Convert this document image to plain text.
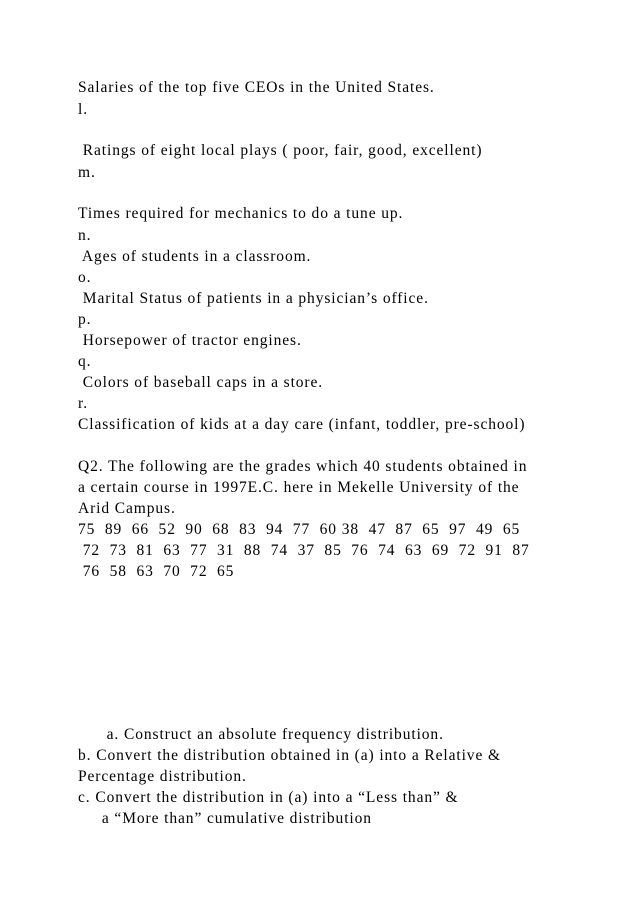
Salaries of the top five CEOs in the United States.
l.
Ratings of eight local plays ( poor, fair, good, excellent)
m.
Times required for mechanics to do a tune up.
n.
Ages of students in a classroom.
o.
Marital Status of patients in a physician’s office.
p.
Horsepower of tractor engines.
q.
Colors of baseball caps in a store.
r.
Classification of kids at a day care (infant, toddler, pre-school)
Q2. The following are the grades which 40 students obtained in
a certain course in 1997E.C. here in Mekelle University of the
Arid Campus.
75  89  66  52  90  68  83  94  77  60 38  47  87  65  97  49  65
72  73  81  63  77  31  88  74  37  85  76  74  63  69  72  91  87
76  58  63  70  72  65
a. Construct an absolute frequency distribution.
b. Convert the distribution obtained in (a) into a Relative &
Percentage distribution.
c. Convert the distribution in (a) into a “Less than” &
a “More than” cumulative distribution
